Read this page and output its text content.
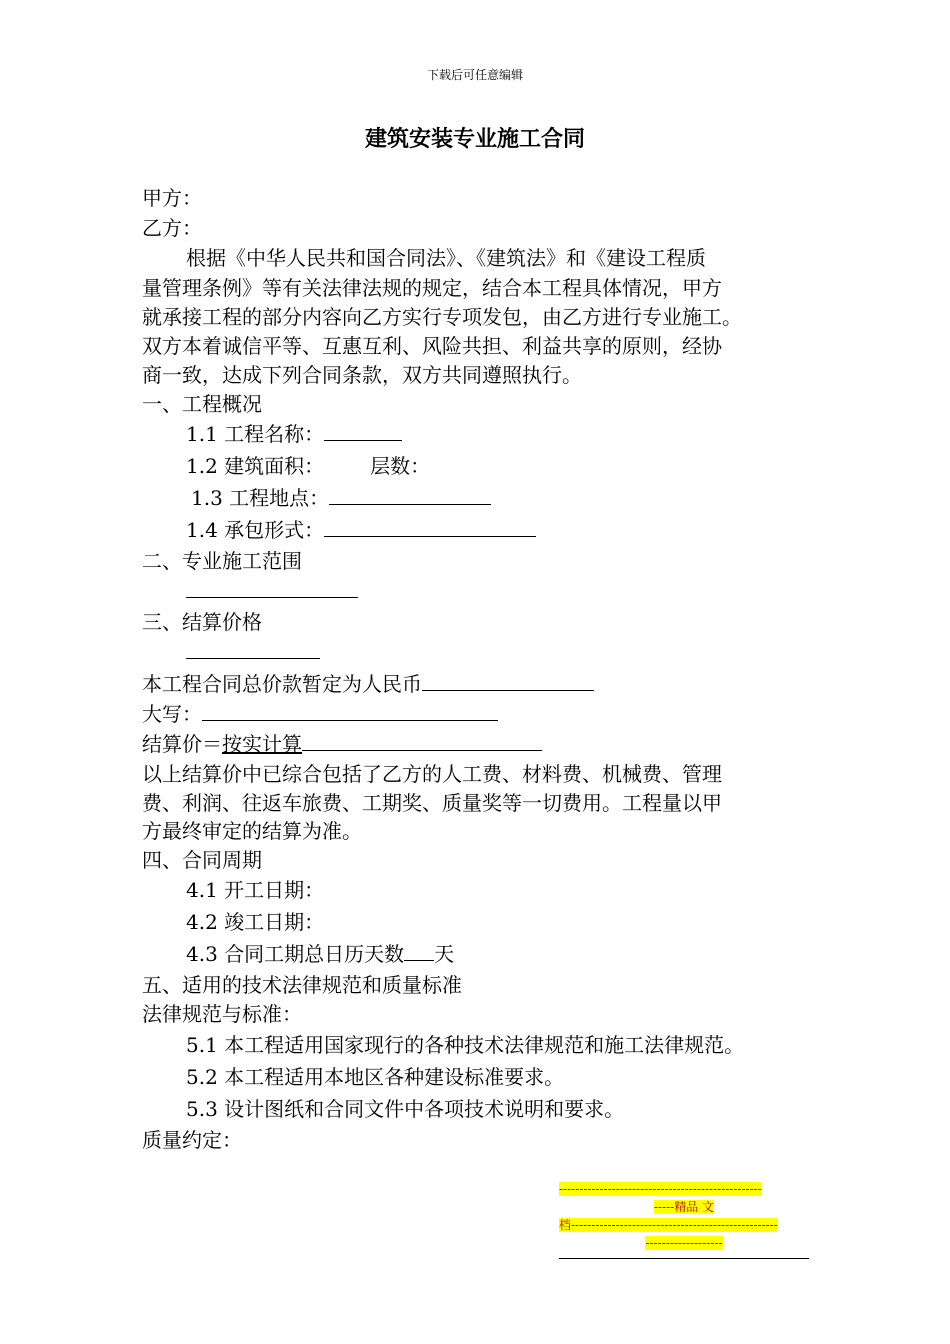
下载后可任意编辑
建筑安装专业施工合同
甲方：
乙方：
根据《中华人民共和国合同法》、《建筑法》和《建设工程质
量管理条例》等有关法律法规的规定，结合本工程具体情况，甲方
就承接工程的部分内容向乙方实行专项发包，由乙方进行专业施工。
双方本着诚信平等、互惠互利、风险共担、利益共享的原则，经协
商一致，达成下列合同条款，双方共同遵照执行。
一、工程概况
1.1 工程名称：
1.2 建筑面积： 层数：
1.3 工程地点：
1.4 承包形式：
二、专业施工范围
三、结算价格
本工程合同总价款暂定为人民币
大写：
结算价＝按实计算
以上结算价中已综合包括了乙方的人工费、材料费、机械费、管理
费、利润、往返车旅费、工期奖、质量奖等一切费用。工程量以甲
方最终审定的结算为准。
四、合同周期
4.1 开工日期：
4.2 竣工日期：
4.3 合同工期总日历天数 天
五、适用的技术法律规范和质量标准
法律规范与标准：
5.1 本工程适用国家现行的各种技术法律规范和施工法律规范。
5.2 本工程适用本地区各种建设标准要求。
5.3 设计图纸和合同文件中各项技术说明和要求。
质量约定：
--------------------------------------------------
-----精品 文
档---------------------------------------------------
-------------------
